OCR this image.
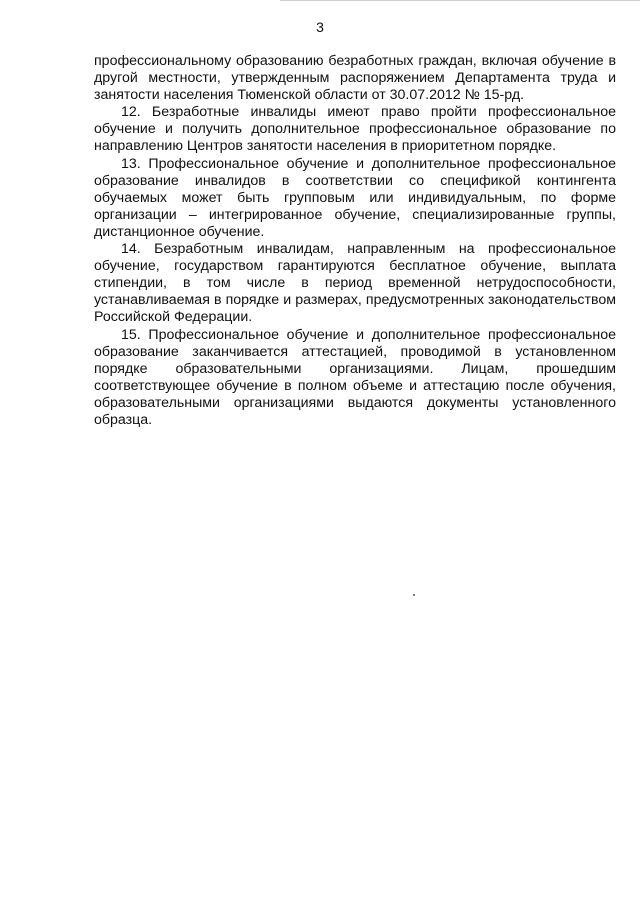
3

профессиональному образованию безработных граждан, включая обучение в другой местности, утвержденным распоряжением Департамента труда и занятости населения Тюменской области от 30.07.2012 № 15-рд.

12. Безработные инвалиды имеют право пройти профессиональное обучение и получить дополнительное профессиональное образование по направлению Центров занятости населения в приоритетном порядке.

13. Профессиональное обучение и дополнительное профессиональное образование инвалидов в соответствии со спецификой контингента обучаемых может быть групповым или индивидуальным, по форме организации – интегрированное обучение, специализированные группы, дистанционное обучение.

14. Безработным инвалидам, направленным на профессиональное обучение, государством гарантируются бесплатное обучение, выплата стипендии, в том числе в период временной нетрудоспособности, устанавливаемая в порядке и размерах, предусмотренных законодательством Российской Федерации.

15. Профессиональное обучение и дополнительное профессиональное образование заканчивается аттестацией, проводимой в установленном порядке образовательными организациями. Лицам, прошедшим соответствующее обучение в полном объеме и аттестацию после обучения, образовательными организациями выдаются документы установленного образца.
